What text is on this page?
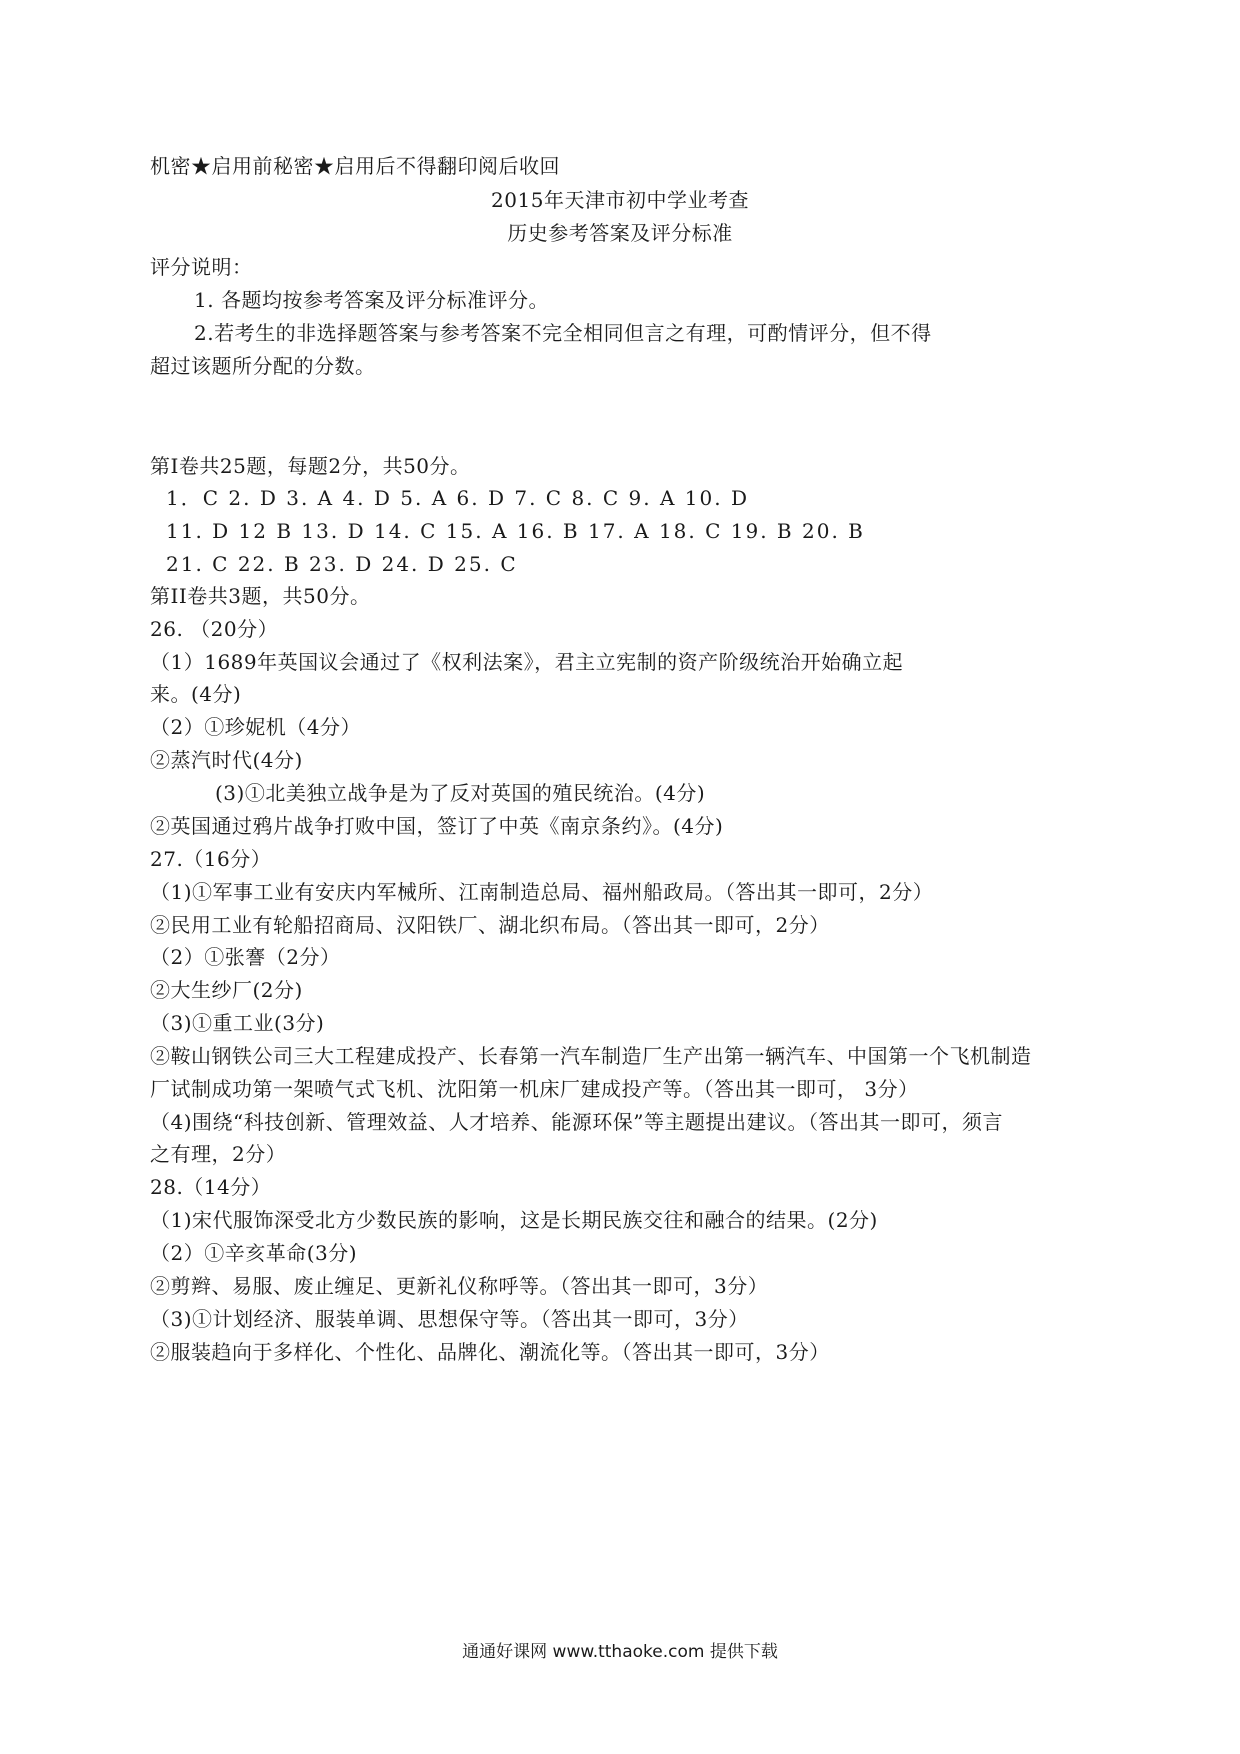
机密★启用前秘密★启用后不得翻印阅后收回
2015年天津市初中学业考查
历史参考答案及评分标准
评分说明：
1. 各题均按参考答案及评分标准评分。
2.若考生的非选择题答案与参考答案不完全相同但言之有理，可酌情评分，但不得
超过该题所分配的分数。
第Ⅰ卷共25题，每题2分，共50分。
1．C 2. D 3. A 4. D 5. A 6. D 7. C 8. C 9. A 10. D
11. D 12 B 13. D 14. C 15. A 16. B 17. A 18. C 19. B 20. B
21. C 22. B 23. D 24. D 25. C
第II卷共3题，共50分。
26. （20分）
（1）1689年英国议会通过了《权利法案》，君主立宪制的资产阶级统治开始确立起
来。(4分)
（2）①珍妮机（4分）
②蒸汽时代(4分)
(3)①北美独立战争是为了反对英国的殖民统治。(4分)
②英国通过鸦片战争打败中国，签订了中英《南京条约》。(4分)
27.（16分）
（1)①军事工业有安庆内军械所、江南制造总局、福州船政局。（答出其一即可，2分）
②民用工业有轮船招商局、汉阳铁厂、湖北织布局。（答出其一即可，2分）
（2）①张謇（2分）
②大生纱厂(2分)
（3)①重工业(3分)
②鞍山钢铁公司三大工程建成投产、长春第一汽车制造厂生产出第一辆汽车、中国第一个飞机制造
厂试制成功第一架喷气式飞机、沈阳第一机床厂建成投产等。（答出其一即可， 3分）
（4)围绕“科技创新、管理效益、人才培养、能源环保”等主题提出建议。（答出其一即可，须言
之有理，2分）
28.（14分）
（1)宋代服饰深受北方少数民族的影响，这是长期民族交往和融合的结果。(2分)
（2）①辛亥革命(3分)
②剪辫、易服、废止缠足、更新礼仪称呼等。（答出其一即可，3分）
（3)①计划经济、服装单调、思想保守等。（答出其一即可，3分）
②服装趋向于多样化、个性化、品牌化、潮流化等。（答出其一即可，3分）
通通好课网 www.tthaoke.com 提供下载
